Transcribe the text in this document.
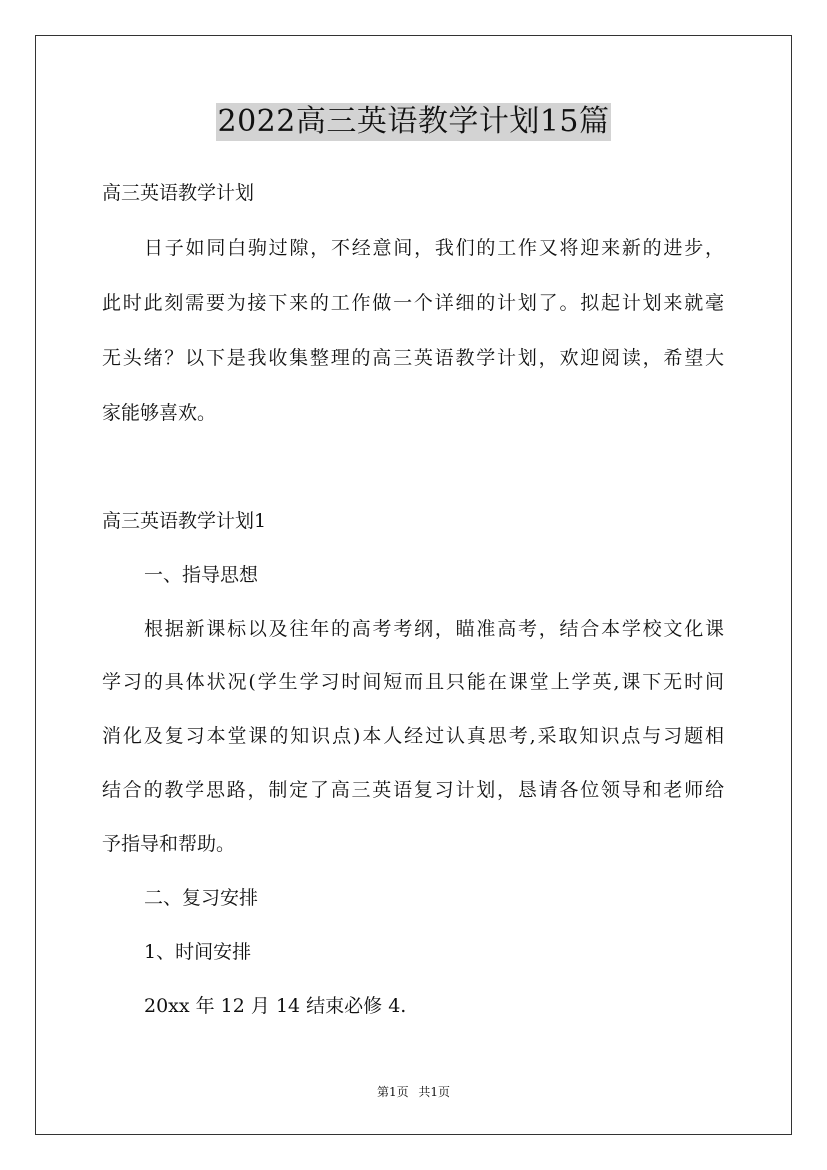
2022高三英语教学计划15篇
高三英语教学计划
日子如同白驹过隙，不经意间，我们的工作又将迎来新的进步，
此时此刻需要为接下来的工作做一个详细的计划了。拟起计划来就毫
无头绪？以下是我收集整理的高三英语教学计划，欢迎阅读，希望大
家能够喜欢。
高三英语教学计划1
一、指导思想
根据新课标以及往年的高考考纲，瞄准高考，结合本学校文化课
学习的具体状况(学生学习时间短而且只能在课堂上学英,课下无时间
消化及复习本堂课的知识点)本人经过认真思考,采取知识点与习题相
结合的教学思路，制定了高三英语复习计划，恳请各位领导和老师给
予指导和帮助。
二、复习安排
1、时间安排
20xx 年 12 月 14 结束必修 4.
第1页 共1页
